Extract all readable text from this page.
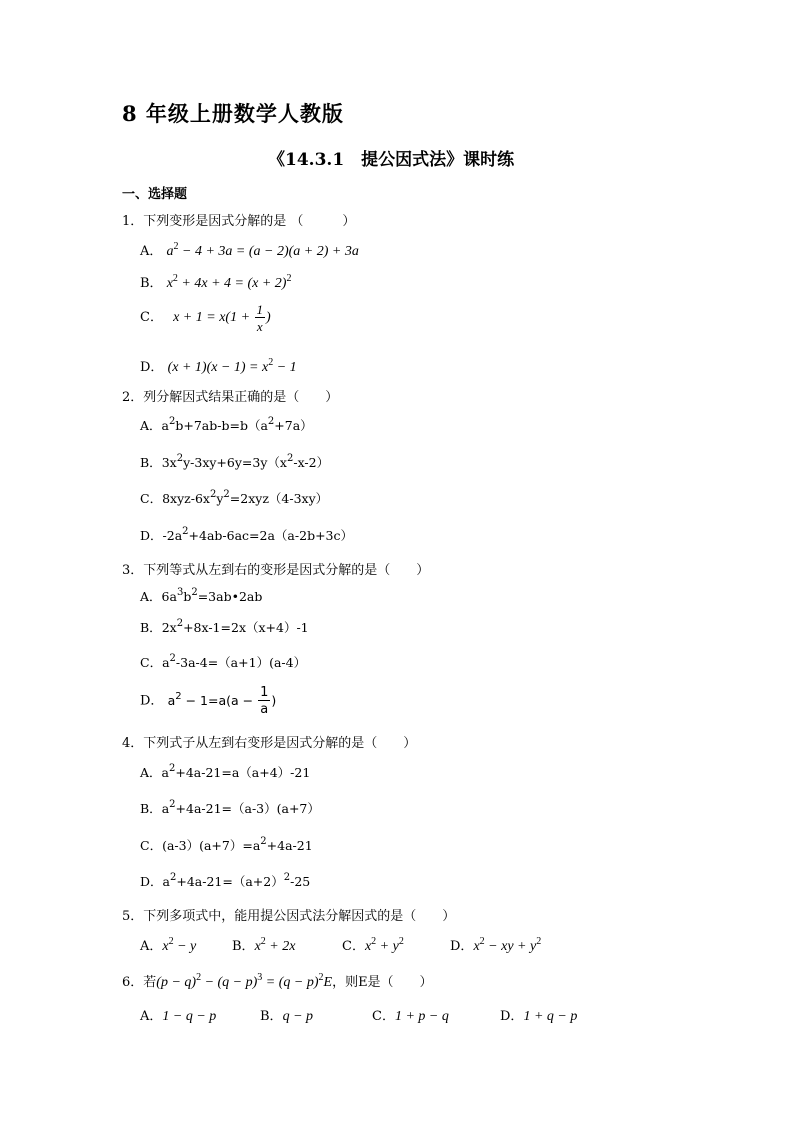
8 年级上册数学人教版
《14.3.1　提公因式法》课时练
一、选择题
1．下列变形是因式分解的是 （　　　）
A． $a^2 - 4 + 3a = (a - 2)(a + 2) + 3a$
B． $x^2 + 4x + 4 = (x + 2)^2$
C． $x + 1 = x(1 + \frac{1}{x}$ )
D． $(x + 1)(x - 1) = x^2 - 1$
2．列分解因式结果正确的是（　　）
A．$a^2b+7ab-b=b(a^2+7a)$
B．$3x^2y-3xy+6y=3y(x^2-x-2)$
C．$8xyz-6x^2y^2=2xyz(4-3xy)$
D．$-2a^2+4ab-6ac=2a(a-2b+3c)$
3．下列等式从左到右的变形是因式分解的是（　　）
A．$6a^3b^2=3ab•2ab$
B．$2x^2+8x-1=2x(x+4)-1$
C．$a^2-3a-4=(a+1)(a-4)$
D． $a^2 - 1=a(a - \frac{1}{a}$ )
4．下列式子从左到右变形是因式分解的是（　　）
A．$a^2+4a-21=a(a+4)-21$
B．$a^2+4a-21=(a-3)(a+7)$
C．$(a-3)(a+7)=a^2+4a-21$
D．$a^2+4a-21=(a+2)^2-25$
5．下列多项式中，能用提公因式法分解因式的是（　　）
A．$x^2 - y$	B．$x^2 + 2x$	C．$x^2 + y^2$	D．$x^2$ − xy + $y^2$
6．若$(p - q)^2 - (q - p)^3 = (q - p)^2E$，则E是（　　）
A．1 − q − p	B．q − p	C．1 + p − q	D．1 + q − p
